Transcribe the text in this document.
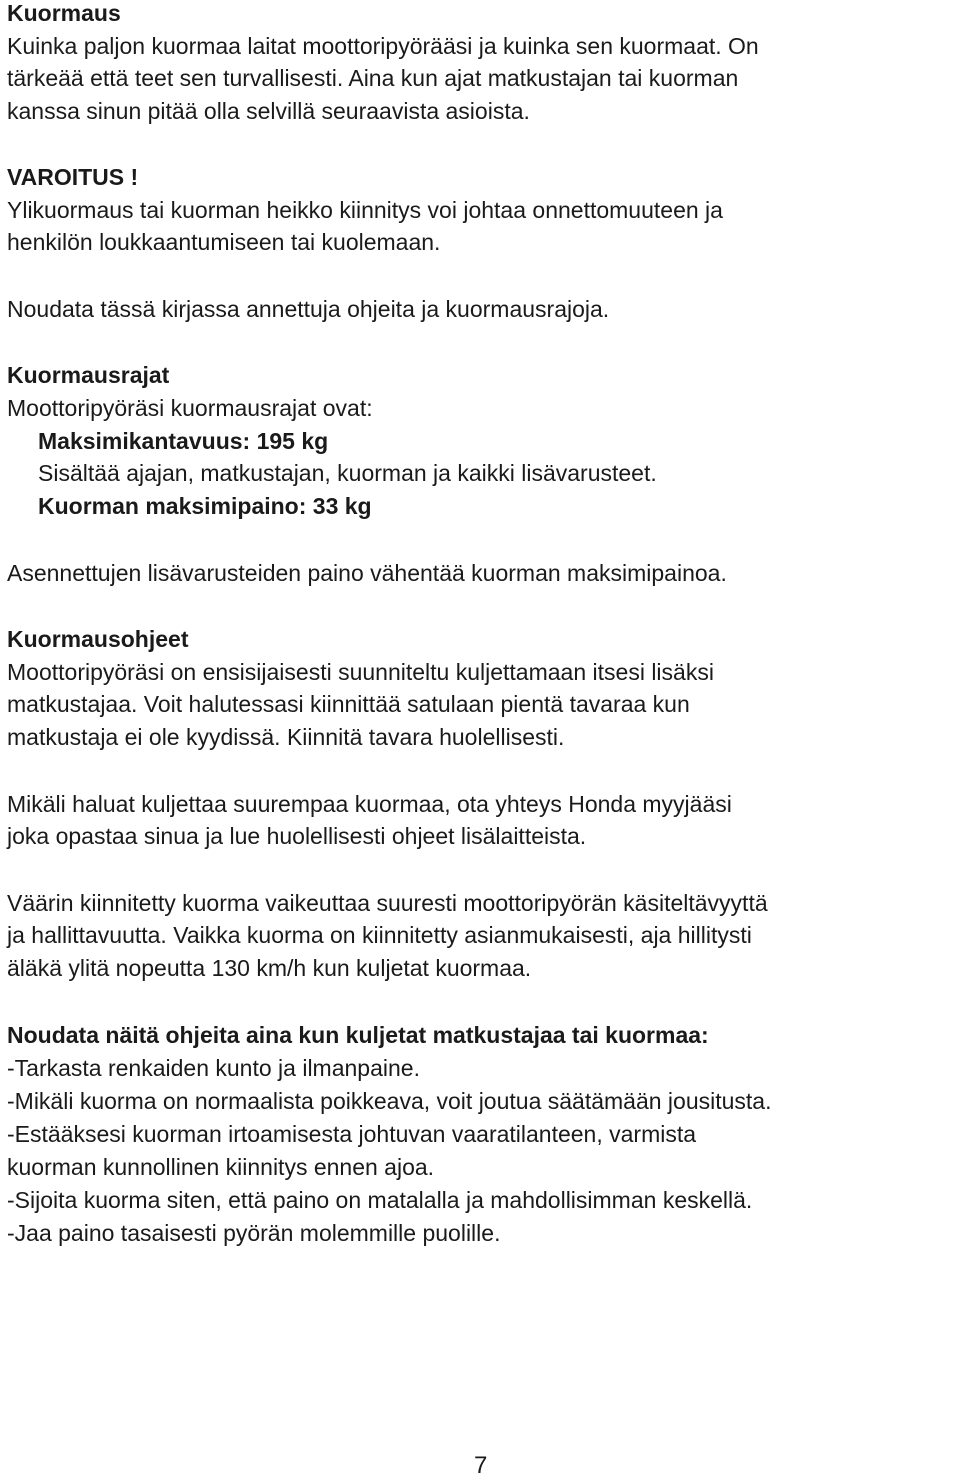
Kuormaus

Kuinka paljon kuormaa laitat moottoripyörääsi ja kuinka sen kuormaat. On

tärkeää että teet sen turvallisesti. Aina kun ajat matkustajan tai kuorman

kanssa sinun pitää olla selvillä seuraavista asioista.

VAROITUS !

Ylikuormaus tai kuorman heikko kiinnitys voi johtaa onnettomuuteen ja

henkilön loukkaantumiseen tai kuolemaan.

Noudata tässä kirjassa annettuja ohjeita ja kuormausrajoja.

Kuormausrajat

Moottoripyöräsi kuormausrajat ovat:

Maksimikantavuus: 195 kg

Sisältää ajajan, matkustajan, kuorman ja kaikki lisävarusteet.

Kuorman maksimipaino: 33 kg

Asennettujen lisävarusteiden paino vähentää kuorman maksimipainoa.

Kuormausohjeet

Moottoripyöräsi on ensisijaisesti suunniteltu kuljettamaan itsesi lisäksi

matkustajaa. Voit halutessasi kiinnittää satulaan pientä tavaraa kun

matkustaja ei ole kyydissä. Kiinnitä tavara huolellisesti.

Mikäli haluat kuljettaa suurempaa kuormaa, ota yhteys Honda myyjääsi

joka opastaa sinua ja lue huolellisesti ohjeet lisälaitteista.

Väärin kiinnitetty kuorma vaikeuttaa suuresti moottoripyörän käsiteltävyyttä

ja hallittavuutta. Vaikka kuorma on kiinnitetty asianmukaisesti, aja hillitysti

äläkä ylitä nopeutta 130 km/h kun kuljetat kuormaa.

Noudata näitä ohjeita aina kun kuljetat matkustajaa tai kuormaa:

-Tarkasta renkaiden kunto ja ilmanpaine.

-Mikäli kuorma on normaalista poikkeava, voit joutua säätämään jousitusta.

-Estääksesi kuorman irtoamisesta johtuvan vaaratilanteen, varmista

kuorman kunnollinen kiinnitys ennen ajoa.

-Sijoita kuorma siten, että paino on matalalla ja mahdollisimman keskellä.

-Jaa paino tasaisesti pyörän molemmille puolille.

7
